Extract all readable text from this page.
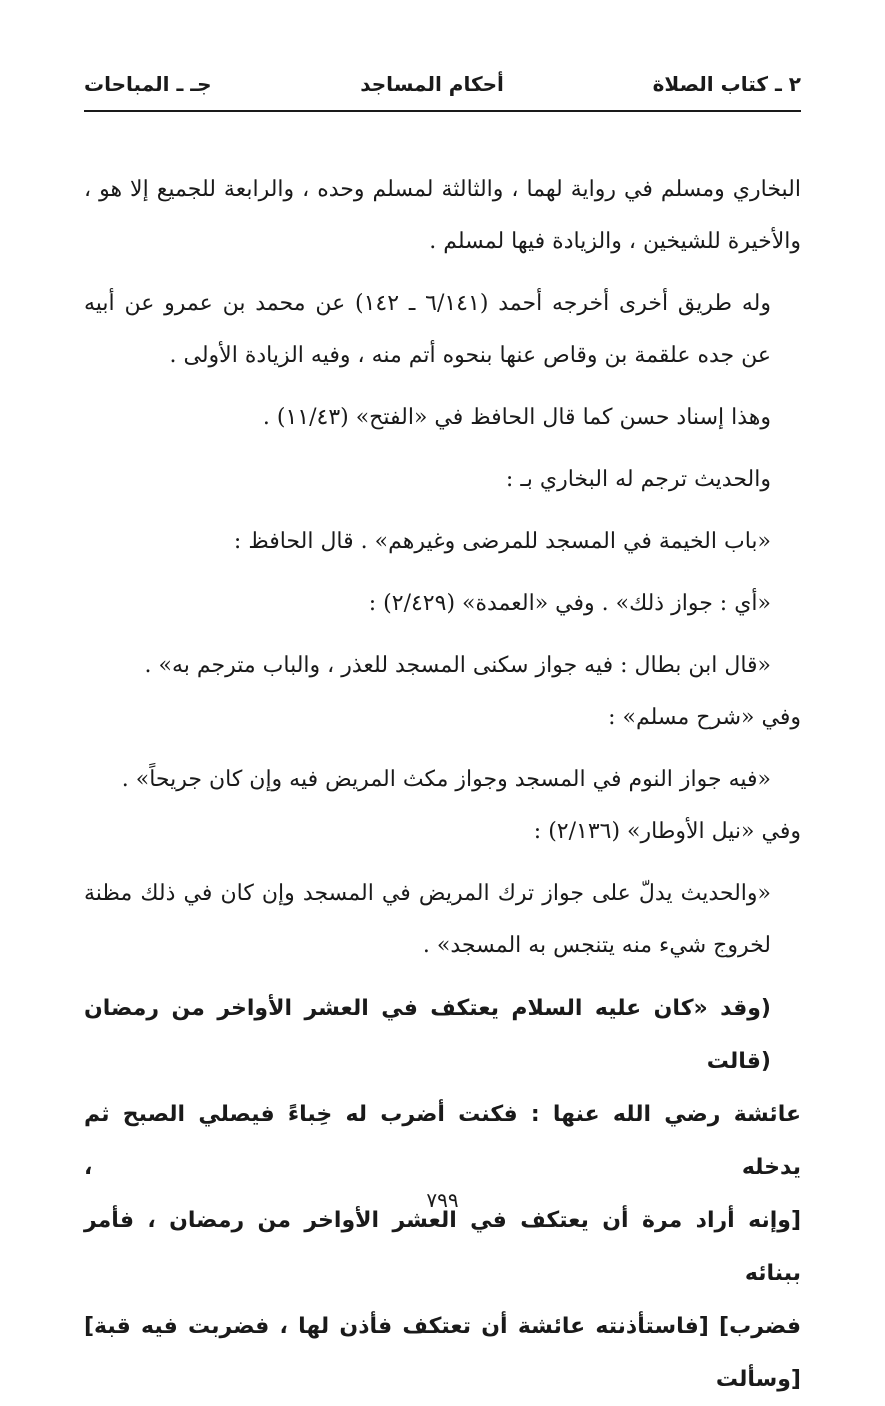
٢ ـ كتاب الصلاة
أحكام المساجد
جـ ـ المباحات

البخاري ومسلم في رواية لهما ، والثالثة لمسلم وحده ، والرابعة للجميع إلا هو ، والأخيرة للشيخين ، والزيادة فيها لمسلم .

وله طريق أخرى أخرجه أحمد (٦/١٤١ ـ ١٤٢) عن محمد بن عمرو عن أبيه عن جده علقمة بن وقاص عنها بنحوه أتم منه ، وفيه الزيادة الأولى .

وهذا إسناد حسن كما قال الحافظ في «الفتح» (١١/٤٣) .

والحديث ترجم له البخاري بـ :

«باب الخيمة في المسجد للمرضى وغيرهم» . قال الحافظ :

«أي : جواز ذلك» . وفي «العمدة» (٢/٤٢٩) :

«قال ابن بطال : فيه جواز سكنى المسجد للعذر ، والباب مترجم به» .

وفي «شرح مسلم» :

«فيه جواز النوم في المسجد وجواز مكث المريض فيه وإن كان جريحاً» .

وفي «نيل الأوطار» (٢/١٣٦) :

«والحديث يدلّ على جواز ترك المريض في المسجد وإن كان في ذلك مظنة لخروج شيء منه يتنجس به المسجد» .

(وقد «كان عليه السلام يعتكف في العشر الأواخر من رمضان (قالت
عائشة رضي الله عنها : فكنت أضرب له خِباءً فيصلي الصبح ثم يدخله ،
[وإنه أراد مرة أن يعتكف في العشر الأواخر من رمضان ، فأمر ببنائه
فضرب] [فاستأذنته عائشة أن تعتكف فأذن لها ، فضربت فيه قبة] [وسألت
٧٩٩
